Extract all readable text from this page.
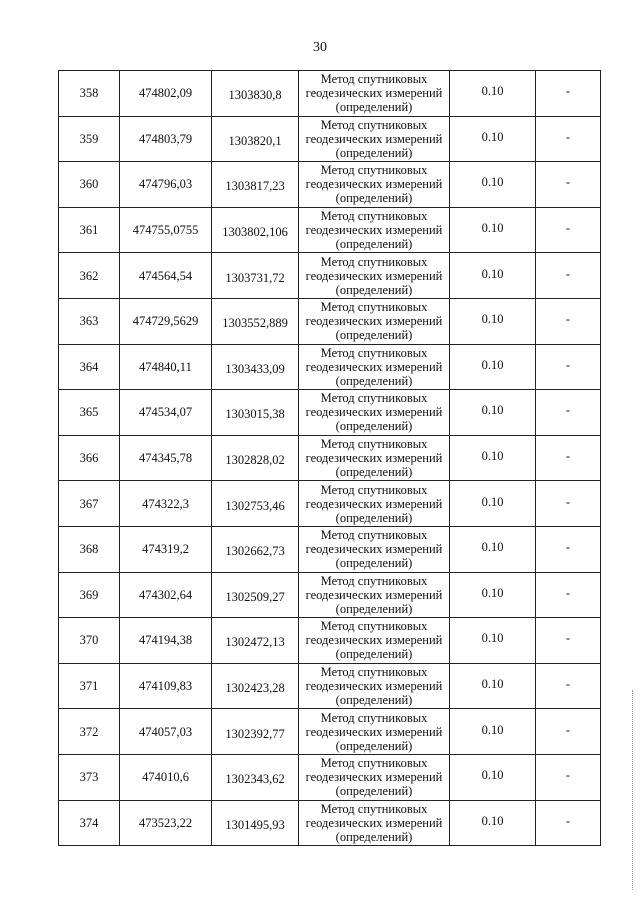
30
358	474802,09	1303830,8	Метод спутниковых геодезических измерений (определений)	0.10	-
359	474803,79	1303820,1	Метод спутниковых геодезических измерений (определений)	0.10	-
360	474796,03	1303817,23	Метод спутниковых геодезических измерений (определений)	0.10	-
361	474755,0755	1303802,106	Метод спутниковых геодезических измерений (определений)	0.10	-
362	474564,54	1303731,72	Метод спутниковых геодезических измерений (определений)	0.10	-
363	474729,5629	1303552,889	Метод спутниковых геодезических измерений (определений)	0.10	-
364	474840,11	1303433,09	Метод спутниковых геодезических измерений (определений)	0.10	-
365	474534,07	1303015,38	Метод спутниковых геодезических измерений (определений)	0.10	-
366	474345,78	1302828,02	Метод спутниковых геодезических измерений (определений)	0.10	-
367	474322,3	1302753,46	Метод спутниковых геодезических измерений (определений)	0.10	-
368	474319,2	1302662,73	Метод спутниковых геодезических измерений (определений)	0.10	-
369	474302,64	1302509,27	Метод спутниковых геодезических измерений (определений)	0.10	-
370	474194,38	1302472,13	Метод спутниковых геодезических измерений (определений)	0.10	-
371	474109,83	1302423,28	Метод спутниковых геодезических измерений (определений)	0.10	-
372	474057,03	1302392,77	Метод спутниковых геодезических измерений (определений)	0.10	-
373	474010,6	1302343,62	Метод спутниковых геодезических измерений (определений)	0.10	-
374	473523,22	1301495,93	Метод спутниковых геодезических измерений (определений)	0.10	-
